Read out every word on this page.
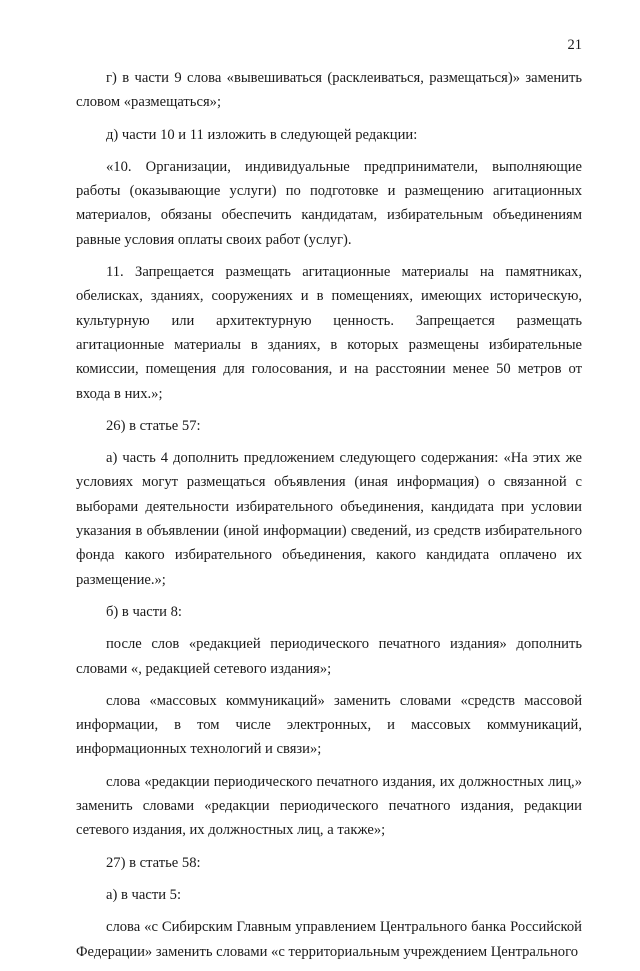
21

г) в части 9 слова «вывешиваться (расклеиваться, размещаться)» заменить словом «размещаться»;

д) части 10 и 11 изложить в следующей редакции:

«10. Организации, индивидуальные предприниматели, выполняющие работы (оказывающие услуги) по подготовке и размещению агитационных материалов, обязаны обеспечить кандидатам, избирательным объединениям равные условия оплаты своих работ (услуг).

11. Запрещается размещать агитационные материалы на памятниках, обелисках, зданиях, сооружениях и в помещениях, имеющих историческую, культурную или архитектурную ценность. Запрещается размещать агитационные материалы в зданиях, в которых размещены избирательные комиссии, помещения для голосования, и на расстоянии менее 50 метров от входа в них.»;

26) в статье 57:

а) часть 4 дополнить предложением следующего содержания: «На этих же условиях могут размещаться объявления (иная информация) о связанной с выборами деятельности избирательного объединения, кандидата при условии указания в объявлении (иной информации) сведений, из средств избирательного фонда какого избирательного объединения, какого кандидата оплачено их размещение.»;

б) в части 8:

после слов «редакцией периодического печатного издания» дополнить словами «, редакцией сетевого издания»;

слова «массовых коммуникаций» заменить словами «средств массовой информации, в том числе электронных, и массовых коммуникаций, информационных технологий и связи»;

слова «редакции периодического печатного издания, их должностных лиц,» заменить словами «редакции периодического печатного издания, редакции сетевого издания, их должностных лиц, а также»;

27) в статье 58:

а) в части 5:

слова «с Сибирским Главным управлением Центрального банка Российской Федерации» заменить словами «с территориальным учреждением Центрального
